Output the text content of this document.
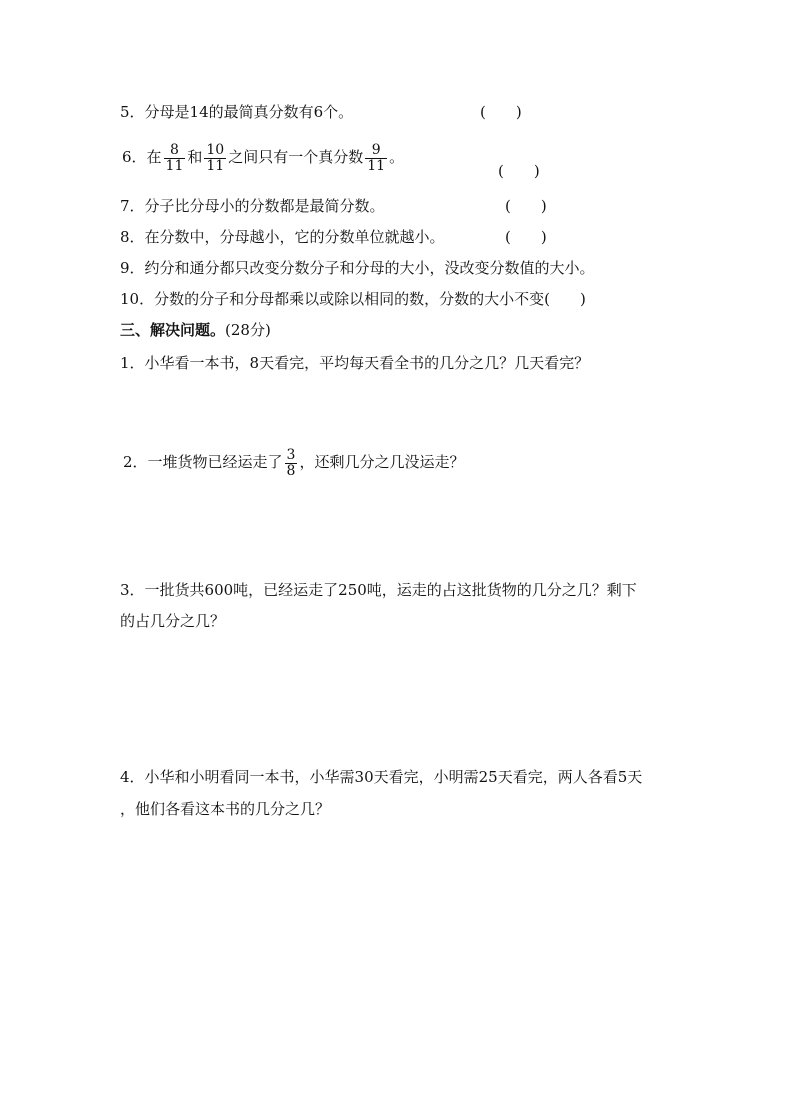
5．分母是14的最简真分数有6个。	(　　)
6．在 $\frac{8}{11}$ 和 $\frac{10}{11}$ 之间只有一个真分数 $\frac{9}{11}$ 。
(　　)
7．分子比分母小的分数都是最简分数。	(　　)
8．在分数中，分母越小，它的分数单位就越小。	(　　)
9．约分和通分都只改变分数分子和分母的大小，没改变分数值的大小。
10．分数的分子和分母都乘以或除以相同的数，分数的大小不变(　　)
三、解决问题。(28分)
1．小华看一本书，8天看完，平均每天看全书的几分之几？几天看完？
2．一堆货物已经运走了 $\frac{3}{8}$ ，还剩几分之几没运走？
3．一批货共600吨，已经运走了250吨，运走的占这批货物的几分之几？剩下
的占几分之几？
4．小华和小明看同一本书，小华需30天看完，小明需25天看完，两人各看5天
，他们各看这本书的几分之几？
